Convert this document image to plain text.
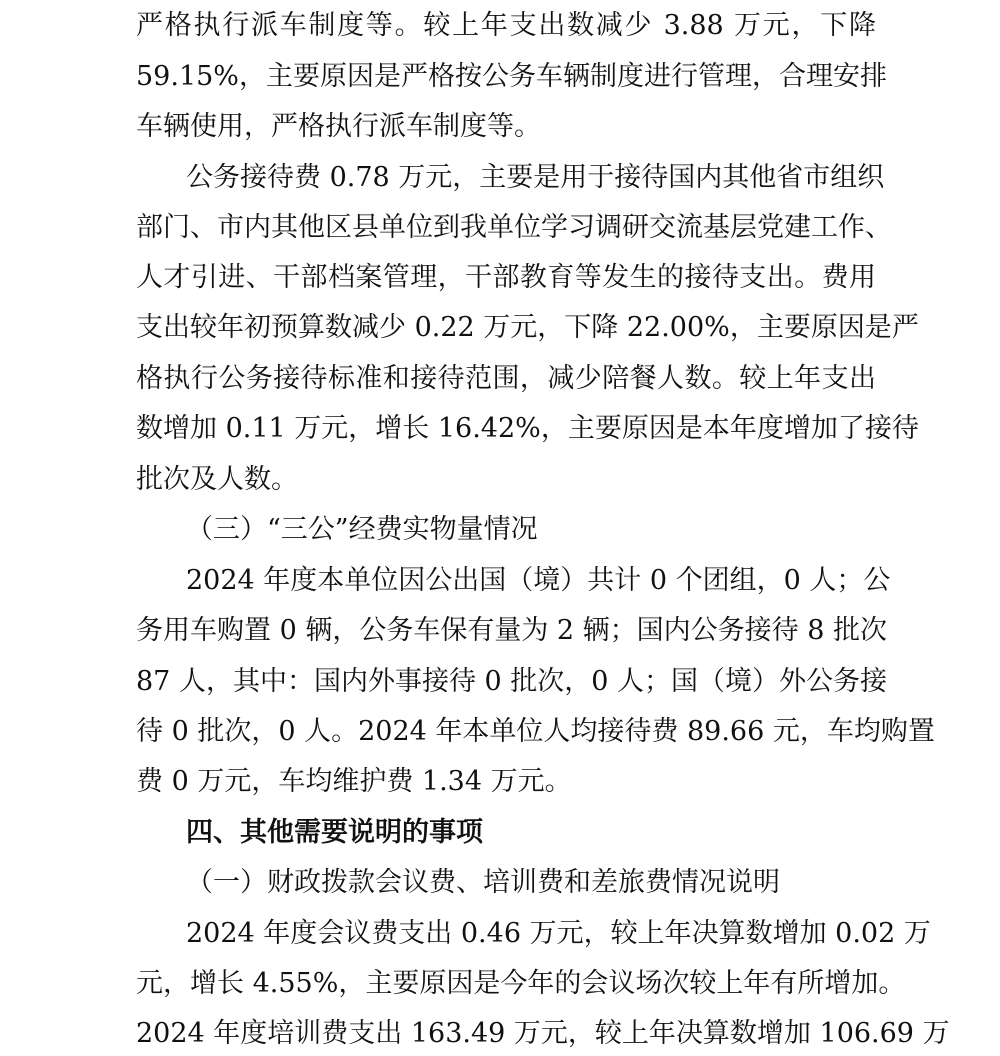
严格执行派车制度等。较上年支出数减少 3.88 万元，下降
59.15%，主要原因是严格按公务车辆制度进行管理，合理安排
车辆使用，严格执行派车制度等。
公务接待费 0.78 万元，主要是用于接待国内其他省市组织
部门、市内其他区县单位到我单位学习调研交流基层党建工作、
人才引进、干部档案管理，干部教育等发生的接待支出。费用
支出较年初预算数减少 0.22 万元，下降 22.00%，主要原因是严
格执行公务接待标准和接待范围，减少陪餐人数。较上年支出
数增加 0.11 万元，增长 16.42%，主要原因是本年度增加了接待
批次及人数。
（三）“三公”经费实物量情况
2024 年度本单位因公出国（境）共计 0 个团组，0 人；公
务用车购置 0 辆，公务车保有量为 2 辆；国内公务接待 8 批次
87 人，其中：国内外事接待 0 批次，0 人；国（境）外公务接
待 0 批次，0 人。2024 年本单位人均接待费 89.66 元，车均购置
费 0 万元，车均维护费 1.34 万元。
四、其他需要说明的事项
（一）财政拨款会议费、培训费和差旅费情况说明
2024 年度会议费支出 0.46 万元，较上年决算数增加 0.02 万
元，增长 4.55%，主要原因是今年的会议场次较上年有所增加。
2024 年度培训费支出 163.49 万元，较上年决算数增加 106.69 万
